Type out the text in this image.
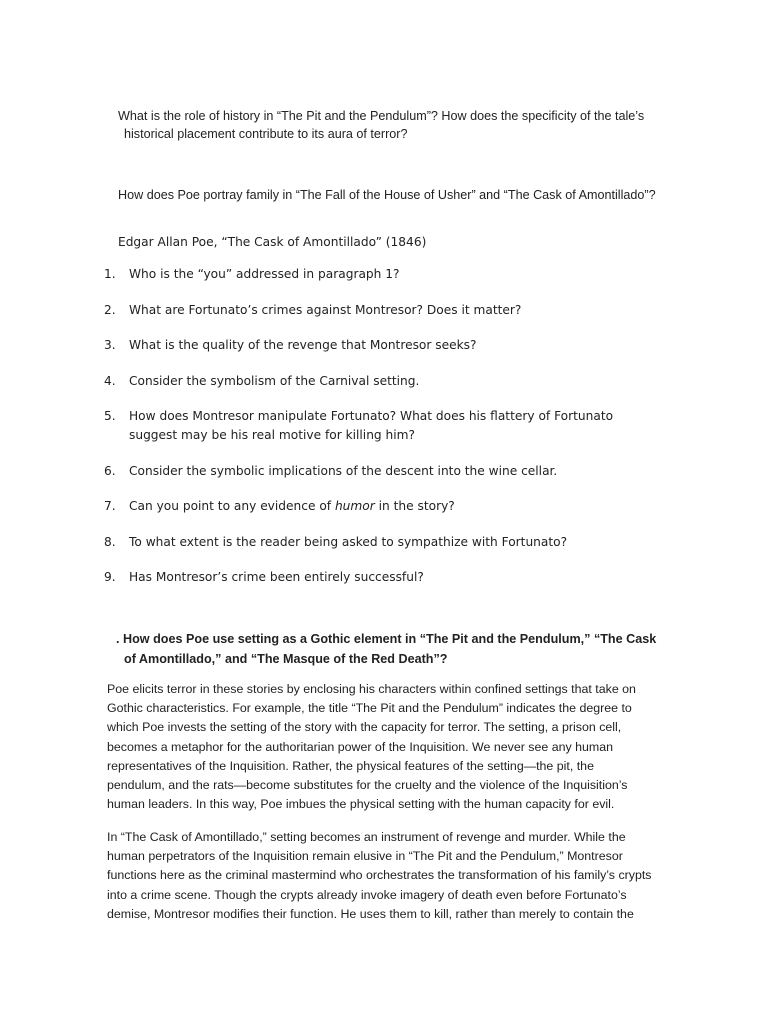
What is the role of history in “The Pit and the Pendulum”? How does the specificity of the tale’s
historical placement contribute to its aura of terror?
How does Poe portray family in “The Fall of the House of Usher” and “The Cask of Amontillado”?
Edgar Allan Poe, “The Cask of Amontillado” (1846)
1.	Who is the “you” addressed in paragraph 1?
2.	What are Fortunato’s crimes against Montresor? Does it matter?
3.	What is the quality of the revenge that Montresor seeks?
4.	Consider the symbolism of the Carnival setting.
5.	How does Montresor manipulate Fortunato? What does his flattery of Fortunato suggest may be his real motive for killing him?
6.	Consider the symbolic implications of the descent into the wine cellar.
7.	Can you point to any evidence of humor in the story?
8.	To what extent is the reader being asked to sympathize with Fortunato?
9.	Has Montresor’s crime been entirely successful?
. How does Poe use setting as a Gothic element in “The Pit and the Pendulum,” “The Cask
of Amontillado,” and “The Masque of the Red Death”?
Poe elicits terror in these stories by enclosing his characters within confined settings that take on
Gothic characteristics. For example, the title “The Pit and the Pendulum” indicates the degree to
which Poe invests the setting of the story with the capacity for terror. The setting, a prison cell,
becomes a metaphor for the authoritarian power of the Inquisition. We never see any human
representatives of the Inquisition. Rather, the physical features of the setting—the pit, the
pendulum, and the rats—become substitutes for the cruelty and the violence of the Inquisition’s
human leaders. In this way, Poe imbues the physical setting with the human capacity for evil.
In “The Cask of Amontillado,” setting becomes an instrument of revenge and murder. While the
human perpetrators of the Inquisition remain elusive in “The Pit and the Pendulum,” Montresor
functions here as the criminal mastermind who orchestrates the transformation of his family’s crypts
into a crime scene. Though the crypts already invoke imagery of death even before Fortunato’s
demise, Montresor modifies their function. He uses them to kill, rather than merely to contain the
